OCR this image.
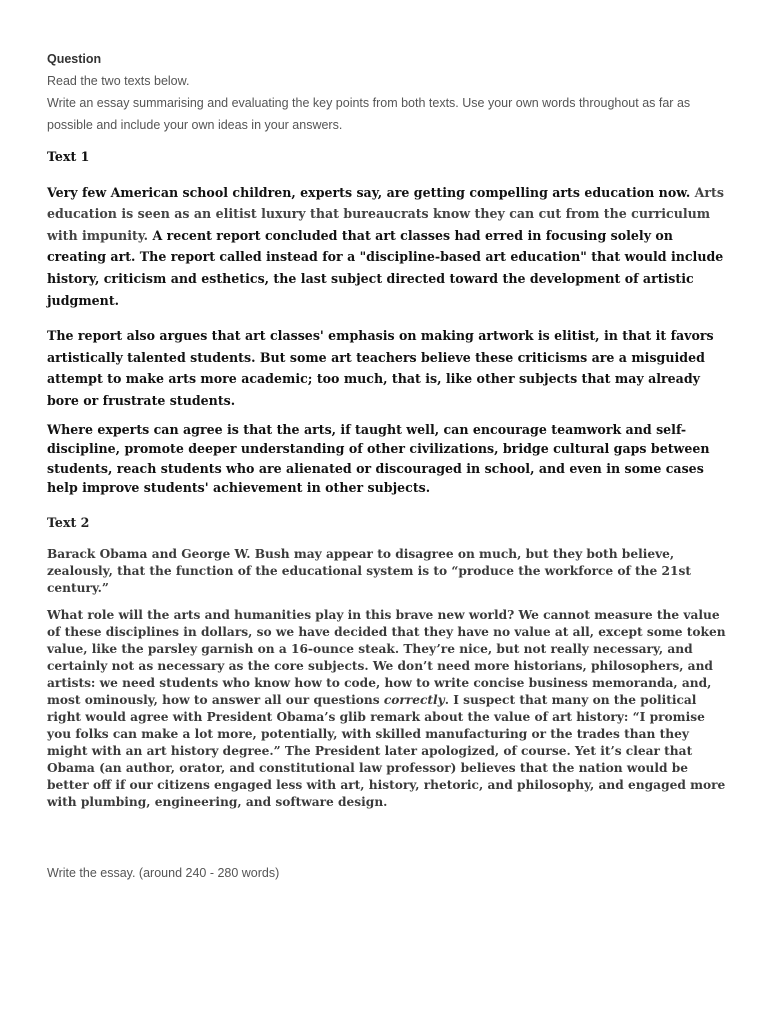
Question

Read the two texts below.

Write an essay summarising and evaluating the key points from both texts. Use your own words throughout as far as possible and include your own ideas in your answers.

Text 1

Very few American school children, experts say, are getting compelling arts education now. Arts education is seen as an elitist luxury that bureaucrats know they can cut from the curriculum with impunity. A recent report concluded that art classes had erred in focusing solely on creating art. The report called instead for a "discipline-based art education" that would include history, criticism and esthetics, the last subject directed toward the development of artistic judgment.

The report also argues that art classes' emphasis on making artwork is elitist, in that it favors artistically talented students. But some art teachers believe these criticisms are a misguided attempt to make arts more academic; too much, that is, like other subjects that may already bore or frustrate students.

Where experts can agree is that the arts, if taught well, can encourage teamwork and self-discipline, promote deeper understanding of other civilizations, bridge cultural gaps between students, reach students who are alienated or discouraged in school, and even in some cases help improve students' achievement in other subjects.

Text 2

Barack Obama and George W. Bush may appear to disagree on much, but they both believe, zealously, that the function of the educational system is to “produce the workforce of the 21st century.”

What role will the arts and humanities play in this brave new world? We cannot measure the value of these disciplines in dollars, so we have decided that they have no value at all, except some token value, like the parsley garnish on a 16-ounce steak. They’re nice, but not really necessary, and certainly not as necessary as the core subjects. We don’t need more historians, philosophers, and artists: we need students who know how to code, how to write concise business memoranda, and, most ominously, how to answer all our questions correctly. I suspect that many on the political right would agree with President Obama’s glib remark about the value of art history: “I promise you folks can make a lot more, potentially, with skilled manufacturing or the trades than they might with an art history degree.” The President later apologized, of course. Yet it’s clear that Obama (an author, orator, and constitutional law professor) believes that the nation would be better off if our citizens engaged less with art, history, rhetoric, and philosophy, and engaged more with plumbing, engineering, and software design.

Write the essay. (around 240 - 280 words)
